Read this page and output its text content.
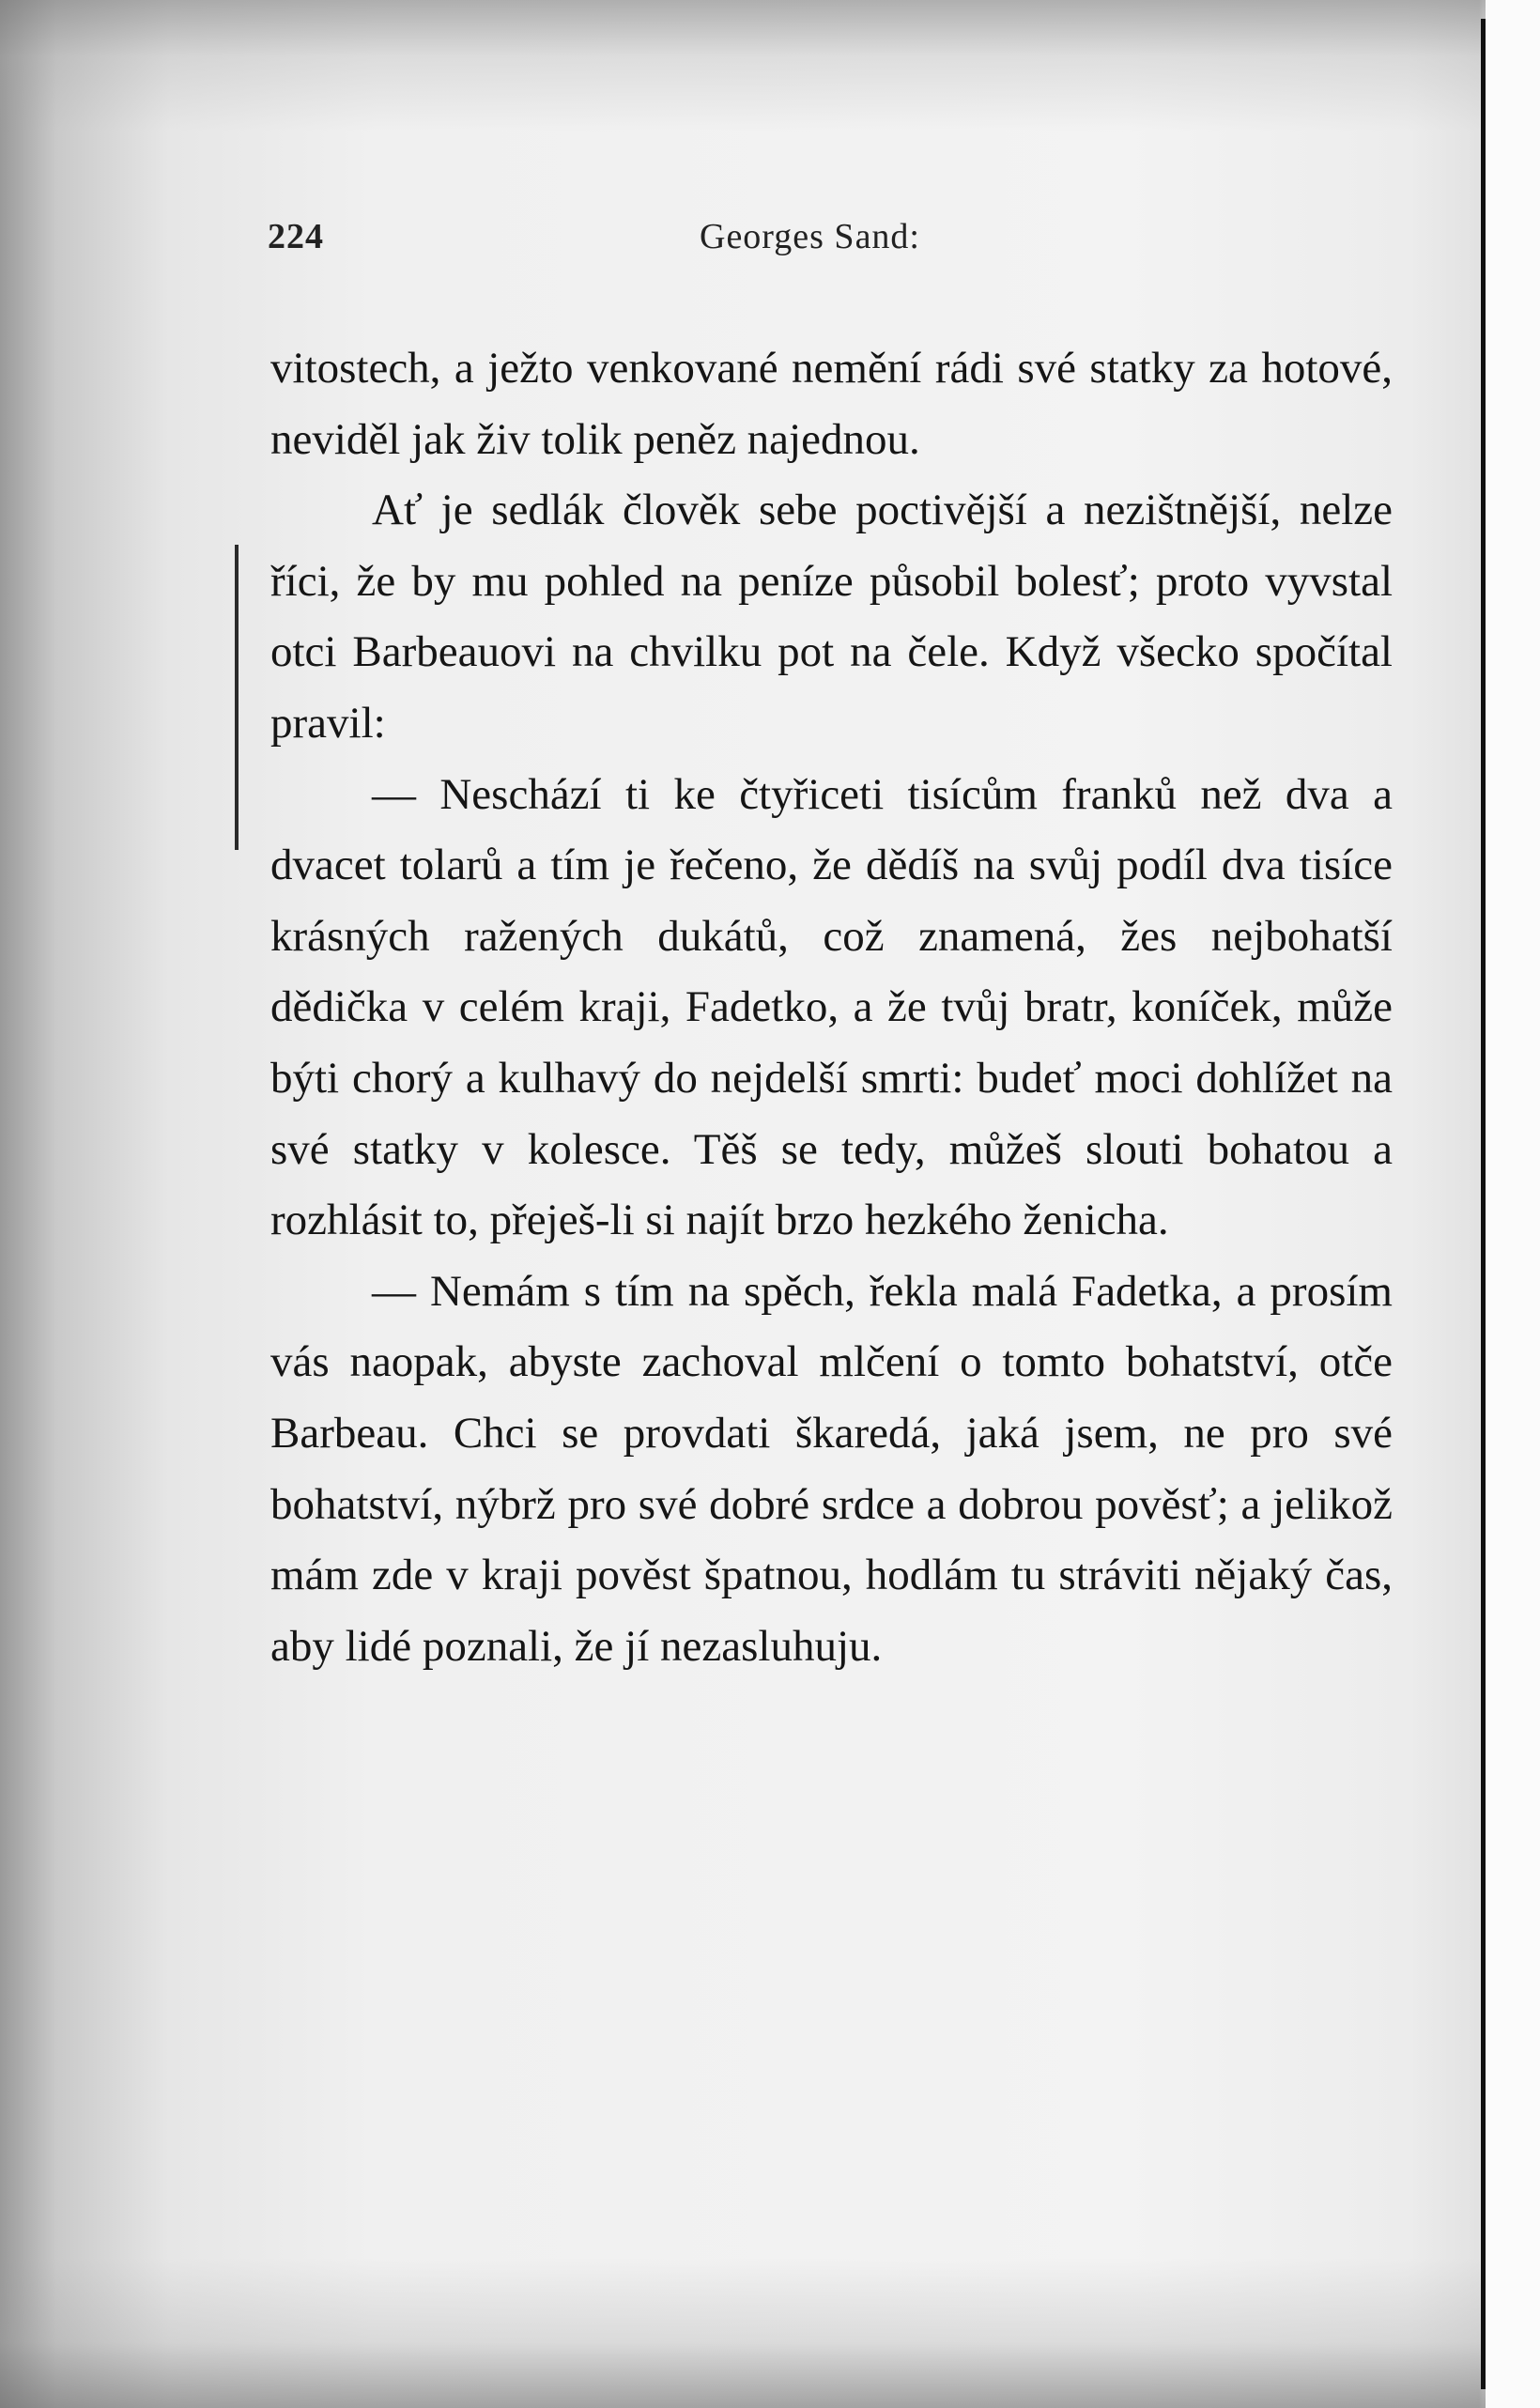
224	Georges Sand:

vitostech, a ježto venkované nemění rádi své statky za hotové, neviděl jak živ tolik peněz najednou.

Ať je sedlák člověk sebe poctivější a nezištnější, nelze říci, že by mu pohled na peníze působil bolesť; proto vyvstal otci Barbeauovi na chvilku pot na čele. Když všecko spočítal pravil:

— Neschází ti ke čtyřiceti tisícům franků než dva a dvacet tolarů a tím je řečeno, že dědíš na svůj podíl dva tisíce krásných ražených dukátů, což znamená, žes nejbohatší dědička v celém kraji, Fadetko, a že tvůj bratr, koníček, může býti chorý a kulhavý do nejdelší smrti: budeť moci dohlížet na své statky v kolesce. Těš se tedy, můžeš slouti bohatou a rozhlásit to, přeješ-li si najít brzo hezkého ženicha.

— Nemám s tím na spěch, řekla malá Fadetka, a prosím vás naopak, abyste zachoval mlčení o tomto bohatství, otče Barbeau. Chci se provdati škaredá, jaká jsem, ne pro své bohatství, nýbrž pro své dobré srdce a dobrou pověsť; a jelikož mám zde v kraji pověst špatnou, hodlám tu stráviti nějaký čas, aby lidé poznali, že jí nezasluhuju.
